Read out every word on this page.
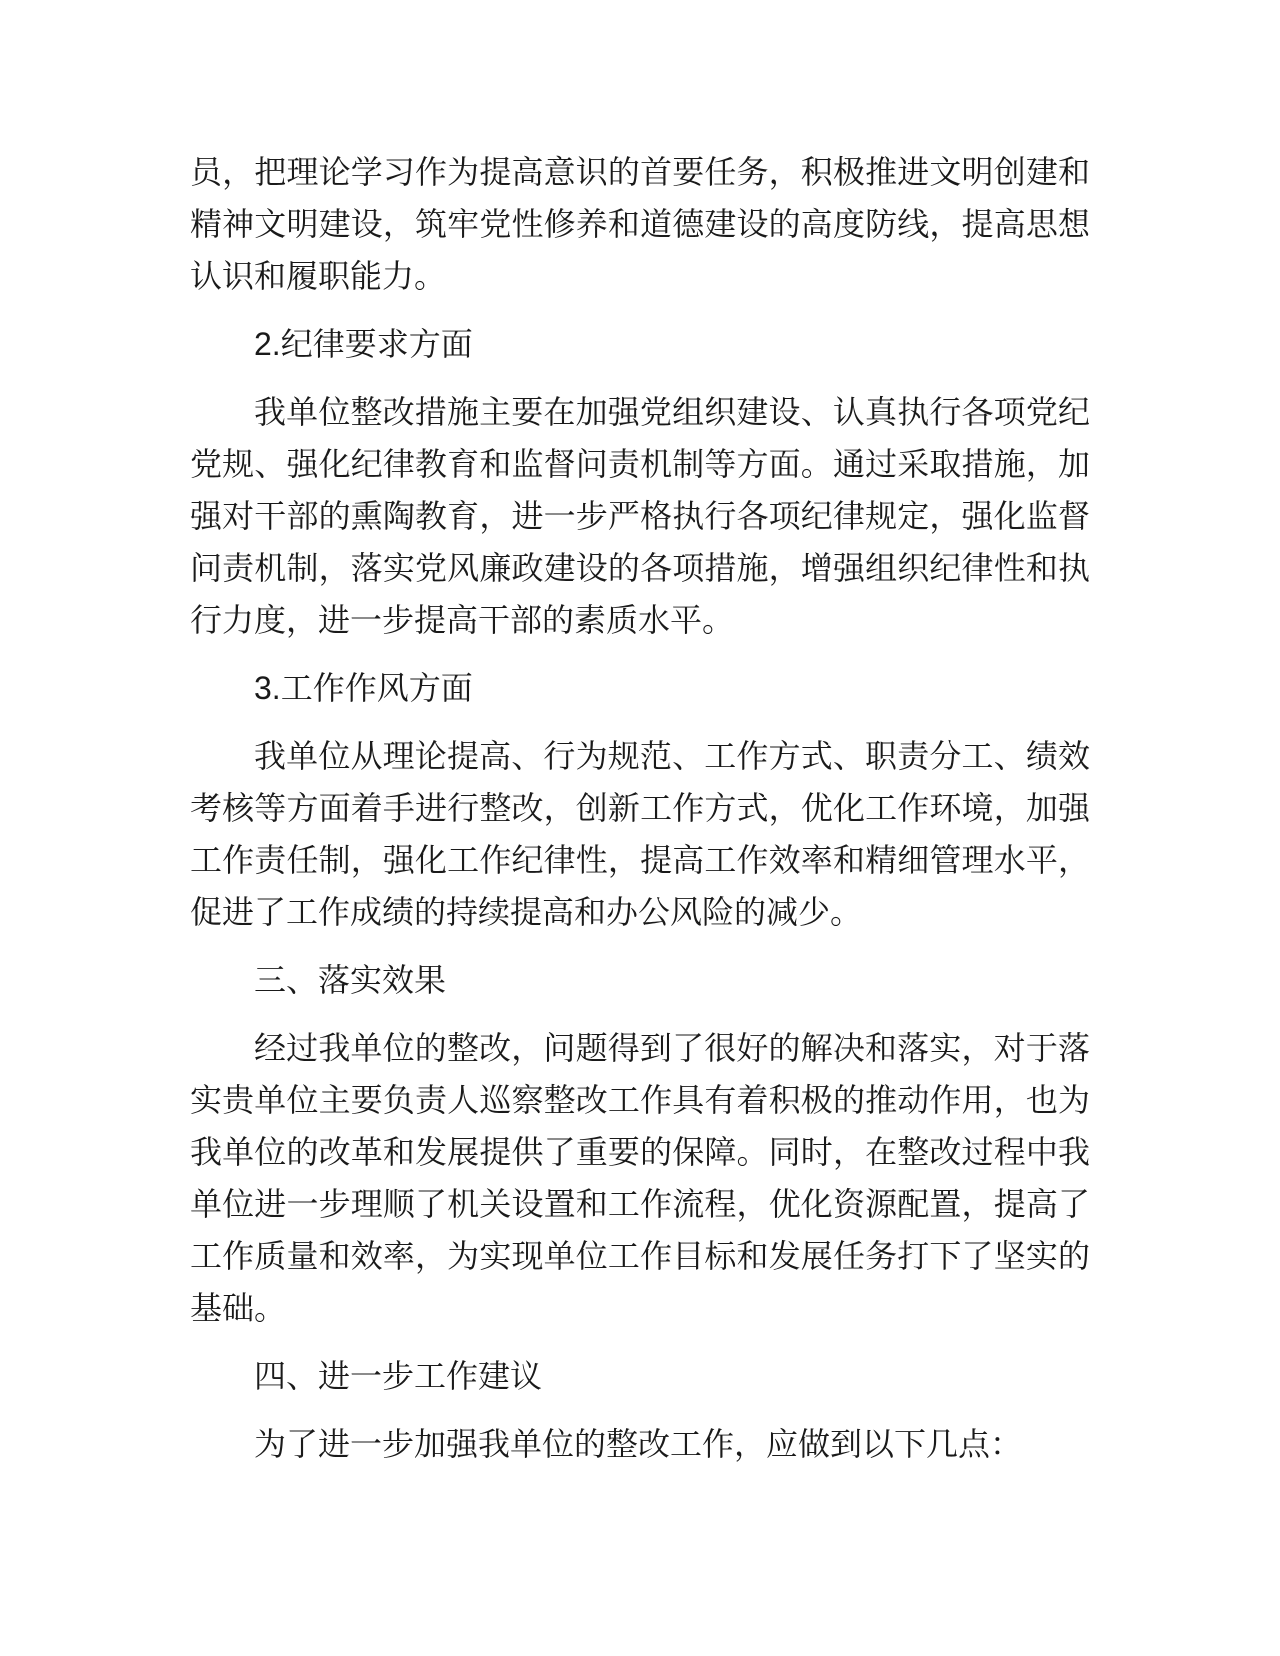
员，把理论学习作为提高意识的首要任务，积极推进文明创建和精神文明建设，筑牢党性修养和道德建设的高度防线，提高思想认识和履职能力。

2.纪律要求方面

我单位整改措施主要在加强党组织建设、认真执行各项党纪党规、强化纪律教育和监督问责机制等方面。通过采取措施，加强对干部的熏陶教育，进一步严格执行各项纪律规定，强化监督问责机制，落实党风廉政建设的各项措施，增强组织纪律性和执行力度，进一步提高干部的素质水平。

3.工作作风方面

我单位从理论提高、行为规范、工作方式、职责分工、绩效考核等方面着手进行整改，创新工作方式，优化工作环境，加强工作责任制，强化工作纪律性，提高工作效率和精细管理水平，促进了工作成绩的持续提高和办公风险的减少。

三、落实效果

经过我单位的整改，问题得到了很好的解决和落实，对于落实贵单位主要负责人巡察整改工作具有着积极的推动作用，也为我单位的改革和发展提供了重要的保障。同时，在整改过程中我单位进一步理顺了机关设置和工作流程，优化资源配置，提高了工作质量和效率，为实现单位工作目标和发展任务打下了坚实的基础。

四、进一步工作建议

为了进一步加强我单位的整改工作，应做到以下几点：
